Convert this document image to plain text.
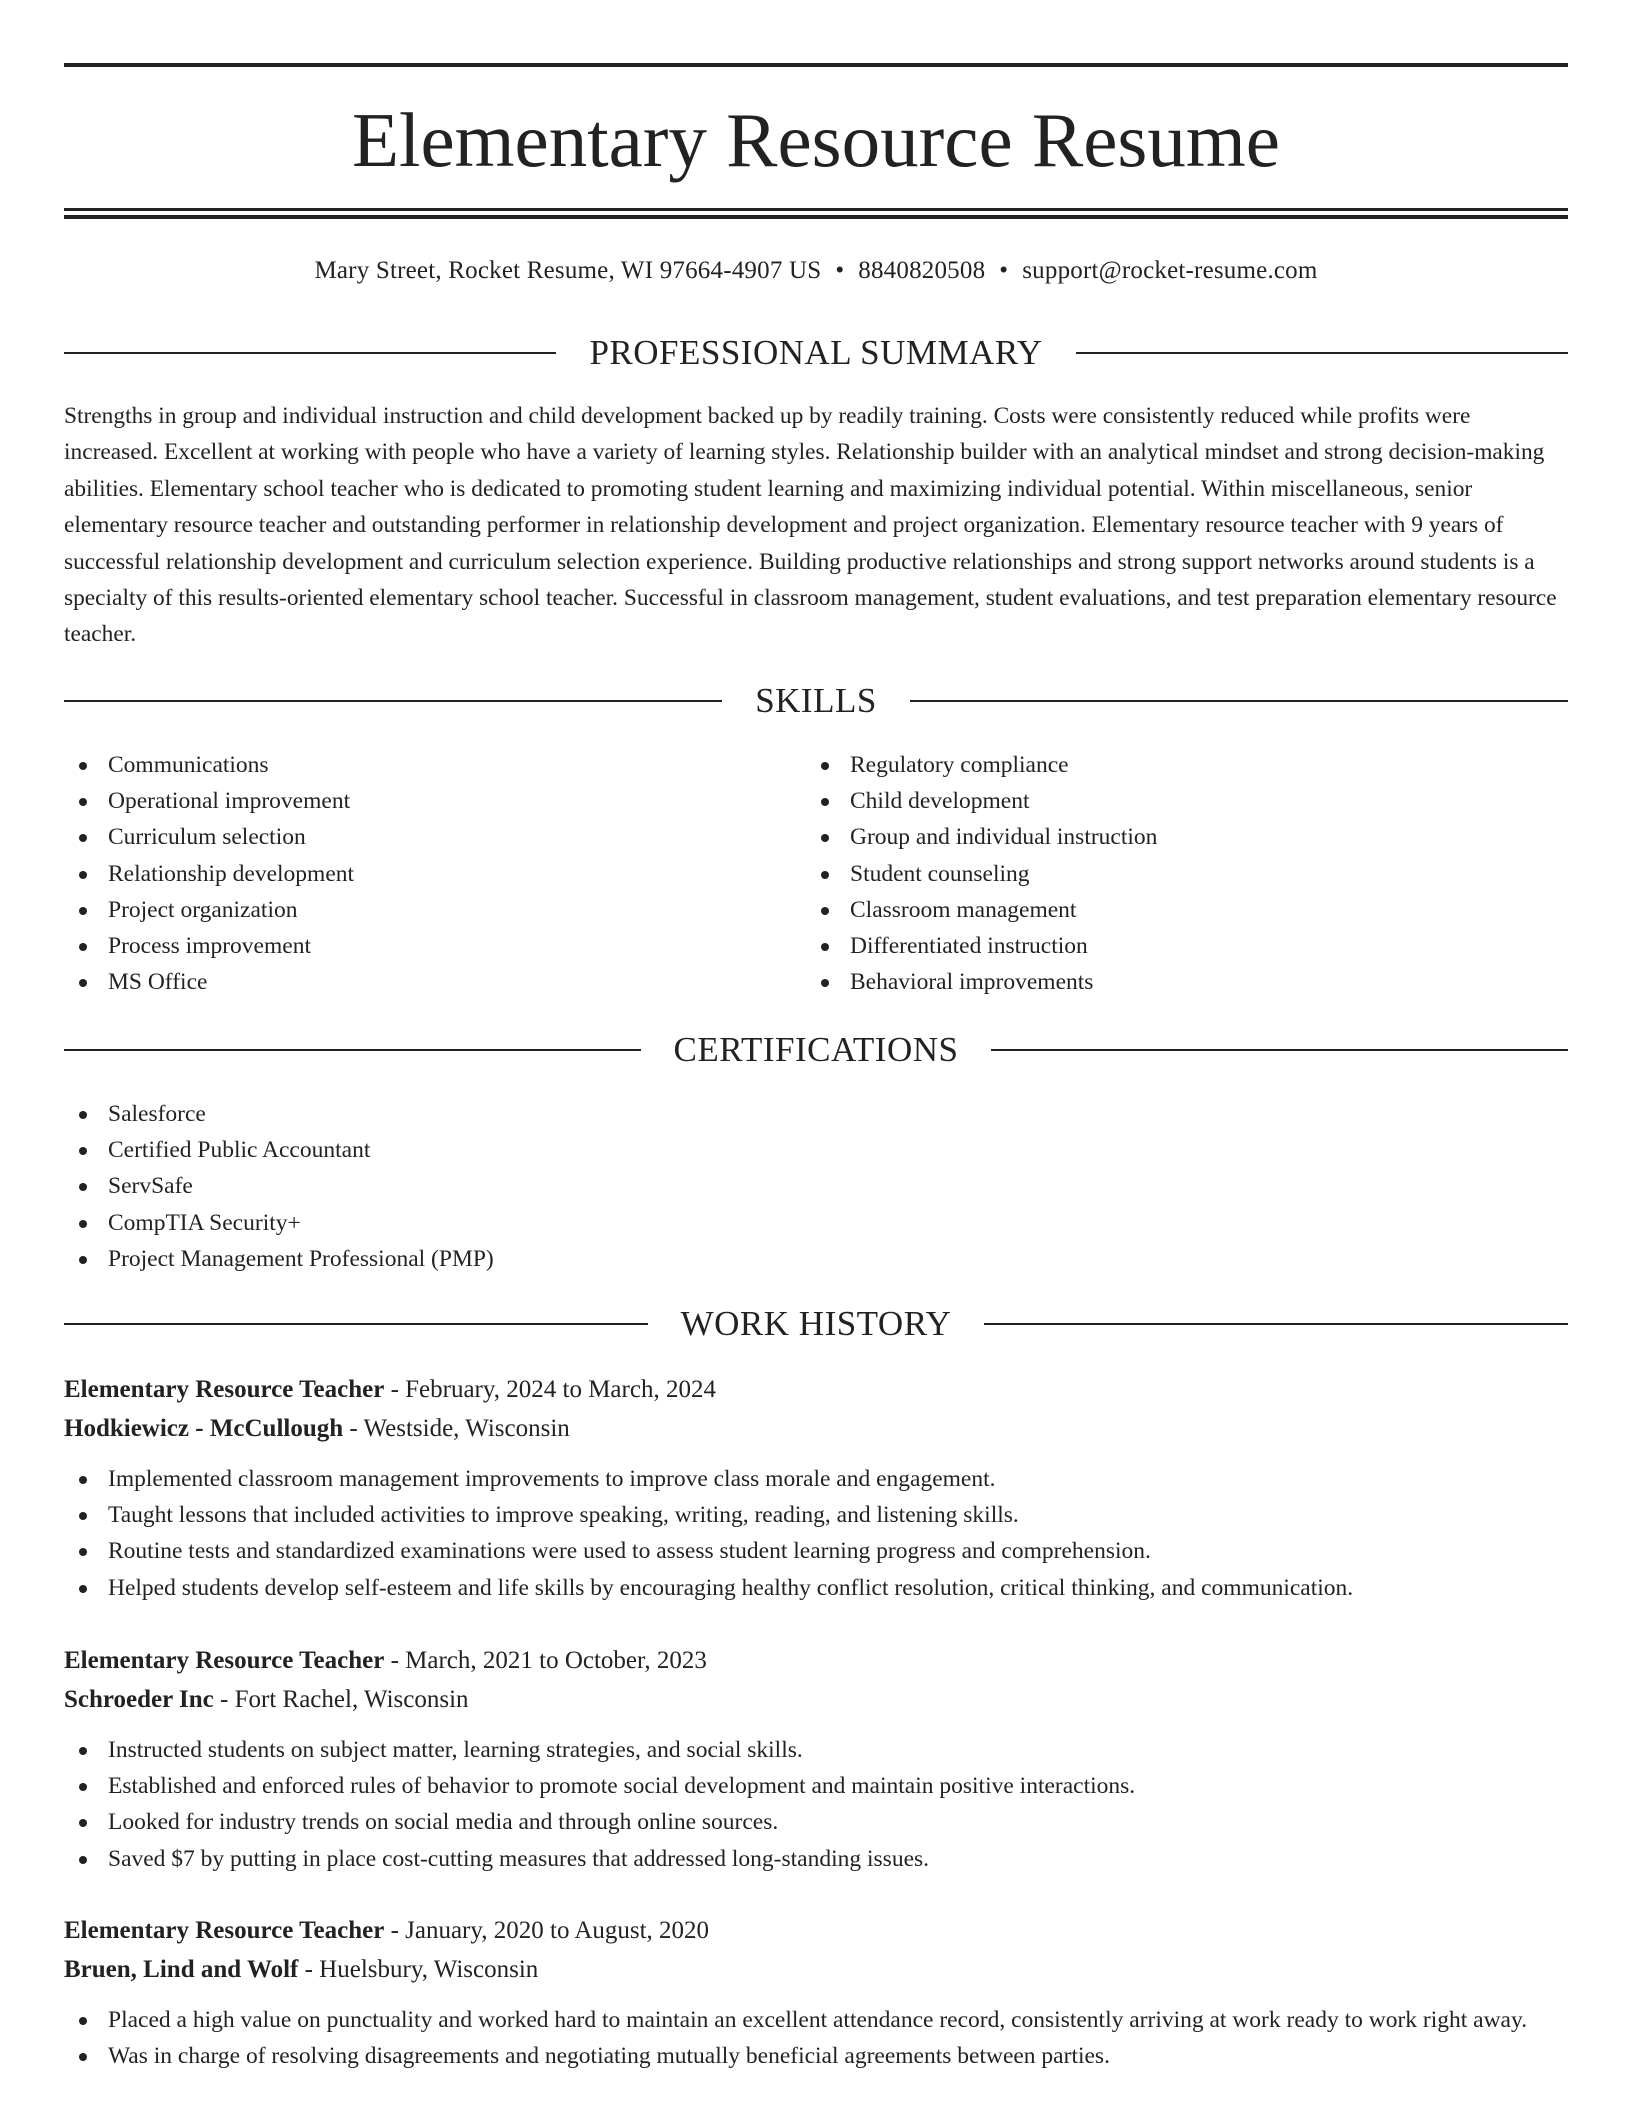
Elementary Resource Resume
Mary Street, Rocket Resume, WI 97664-4907 US • 8840820508 • support@rocket-resume.com
PROFESSIONAL SUMMARY

Strengths in group and individual instruction and child development backed up by readily training. Costs were consistently reduced while profits were increased. Excellent at working with people who have a variety of learning styles. Relationship builder with an analytical mindset and strong decision-making abilities. Elementary school teacher who is dedicated to promoting student learning and maximizing individual potential. Within miscellaneous, senior elementary resource teacher and outstanding performer in relationship development and project organization. Elementary resource teacher with 9 years of successful relationship development and curriculum selection experience. Building productive relationships and strong support networks around students is a specialty of this results-oriented elementary school teacher. Successful in classroom management, student evaluations, and test preparation elementary resource teacher.

SKILLS
Communications
Operational improvement
Curriculum selection
Relationship development
Project organization
Process improvement
MS Office
Regulatory compliance
Child development
Group and individual instruction
Student counseling
Classroom management
Differentiated instruction
Behavioral improvements
CERTIFICATIONS
Salesforce
Certified Public Accountant
ServSafe
CompTIA Security+
Project Management Professional (PMP)
WORK HISTORY
Elementary Resource Teacher - February, 2024 to March, 2024
Hodkiewicz - McCullough - Westside, Wisconsin
Implemented classroom management improvements to improve class morale and engagement.
Taught lessons that included activities to improve speaking, writing, reading, and listening skills.
Routine tests and standardized examinations were used to assess student learning progress and comprehension.
Helped students develop self-esteem and life skills by encouraging healthy conflict resolution, critical thinking, and communication.
Elementary Resource Teacher - March, 2021 to October, 2023
Schroeder Inc - Fort Rachel, Wisconsin
Instructed students on subject matter, learning strategies, and social skills.
Established and enforced rules of behavior to promote social development and maintain positive interactions.
Looked for industry trends on social media and through online sources.
Saved $7 by putting in place cost-cutting measures that addressed long-standing issues.
Elementary Resource Teacher - January, 2020 to August, 2020
Bruen, Lind and Wolf - Huelsbury, Wisconsin
Placed a high value on punctuality and worked hard to maintain an excellent attendance record, consistently arriving at work ready to work right away.
Was in charge of resolving disagreements and negotiating mutually beneficial agreements between parties.
